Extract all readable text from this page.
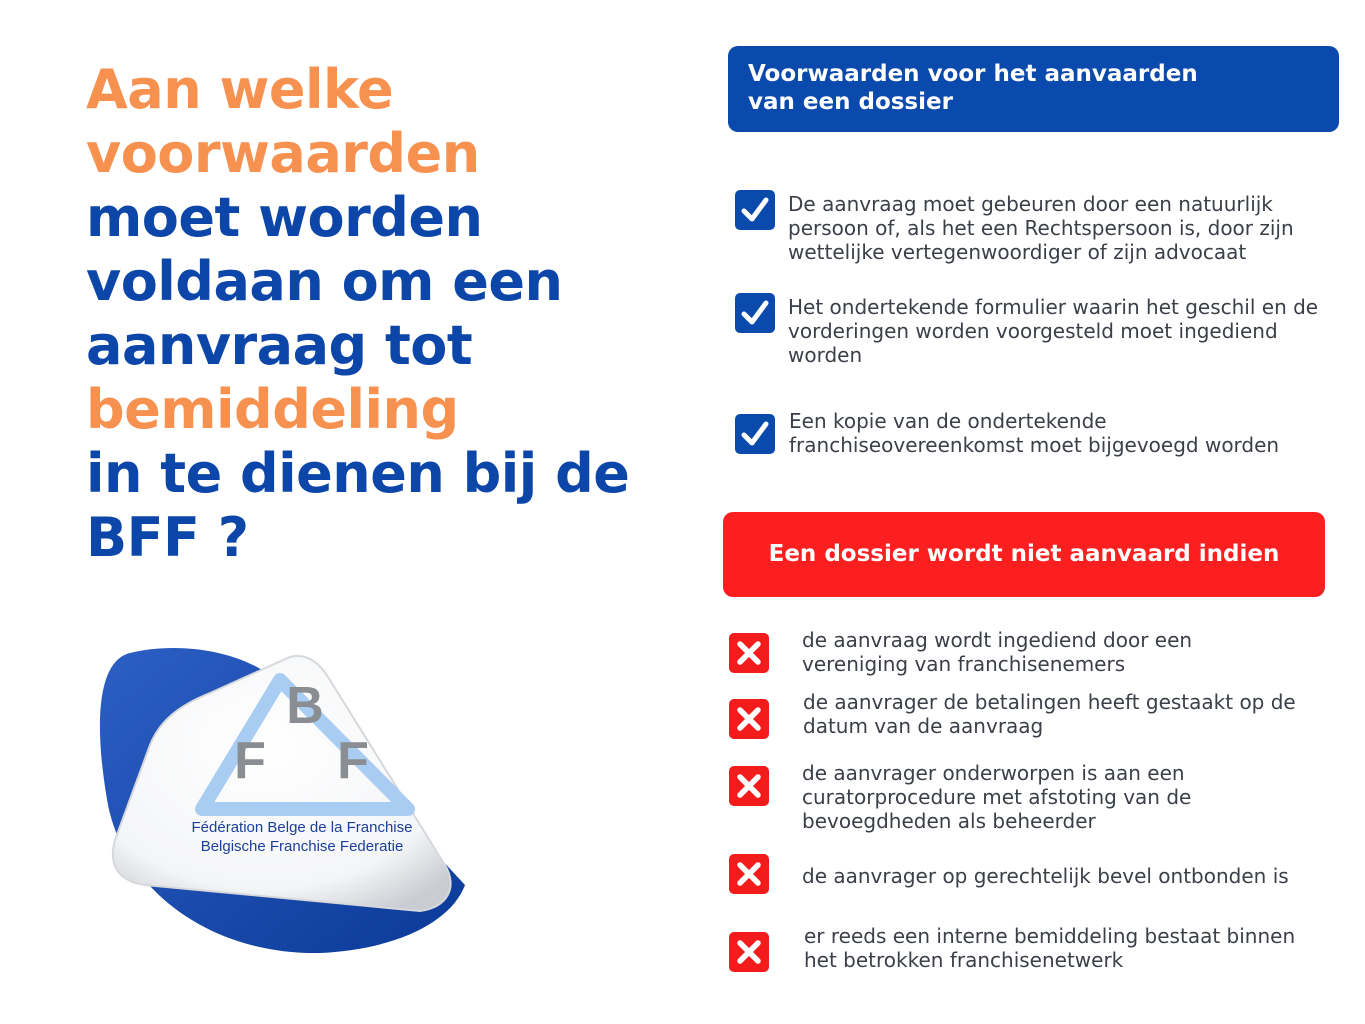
Aan welke
voorwaarden
moet worden
voldaan om een
aanvraag tot
bemiddeling
in te dienen bij de
BFF ?
B
F F
Fédération Belge de la Franchise
Belgische Franchise Federatie
Voorwaarden voor het aanvaarden
van een dossier
De aanvraag moet gebeuren door een natuurlijk
persoon of, als het een Rechtspersoon is, door zijn
wettelijke vertegenwoordiger of zijn advocaat
Het ondertekende formulier waarin het geschil en de
vorderingen worden voorgesteld moet ingediend
worden
Een kopie van de ondertekende
franchiseovereenkomst moet bijgevoegd worden
Een dossier wordt niet aanvaard indien
de aanvraag wordt ingediend door een
vereniging van franchisenemers
de aanvrager de betalingen heeft gestaakt op de
datum van de aanvraag
de aanvrager onderworpen is aan een
curatorprocedure met afstoting van de
bevoegdheden als beheerder
de aanvrager op gerechtelijk bevel ontbonden is
er reeds een interne bemiddeling bestaat binnen
het betrokken franchisenetwerk
